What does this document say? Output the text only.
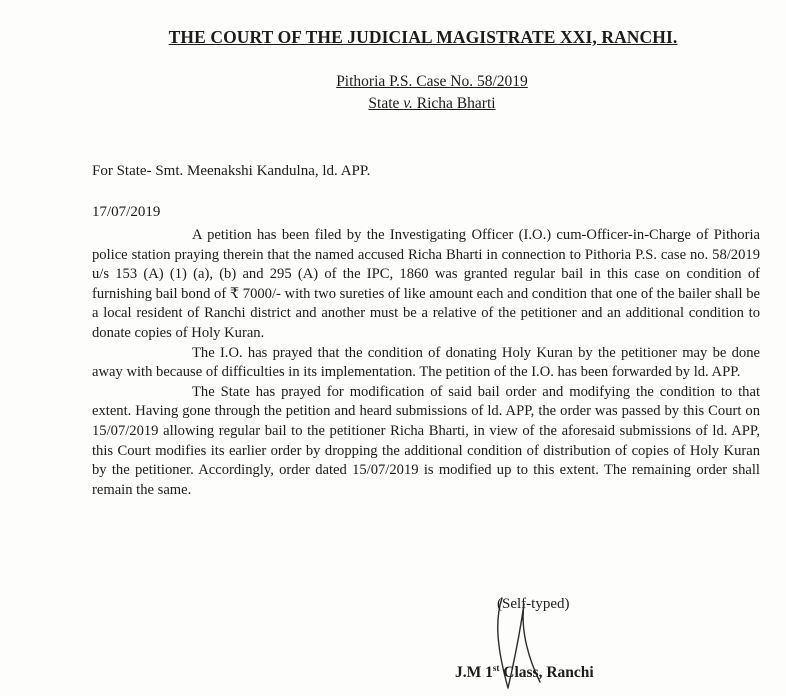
THE COURT OF THE JUDICIAL MAGISTRATE XXI, RANCHI.
Pithoria P.S. Case No. 58/2019
State v. Richa Bharti
For State- Smt. Meenakshi Kandulna, ld. APP.
17/07/2019

A petition has been filed by the Investigating Officer (I.O.) cum-Officer-in-Charge of Pithoria police station praying therein that the named accused Richa Bharti in connection to Pithoria P.S. case no. 58/2019 u/s 153 (A) (1) (a), (b) and 295 (A) of the IPC, 1860 was granted regular bail in this case on condition of furnishing bail bond of ₹ 7000/- with two sureties of like amount each and condition that one of the bailer shall be a local resident of Ranchi district and another must be a relative of the petitioner and an additional condition to donate copies of Holy Kuran.

The I.O. has prayed that the condition of donating Holy Kuran by the petitioner may be done away with because of difficulties in its implementation. The petition of the I.O. has been forwarded by ld. APP.

The State has prayed for modification of said bail order and modifying the condition to that extent. Having gone through the petition and heard submissions of ld. APP, the order was passed by this Court on 15/07/2019 allowing regular bail to the petitioner Richa Bharti, in view of the aforesaid submissions of ld. APP, this Court modifies its earlier order by dropping the additional condition of distribution of copies of Holy Kuran by the petitioner. Accordingly, order dated 15/07/2019 is modified up to this extent. The remaining order shall remain the same.

(Self-typed)
J.M 1st Class, Ranchi
